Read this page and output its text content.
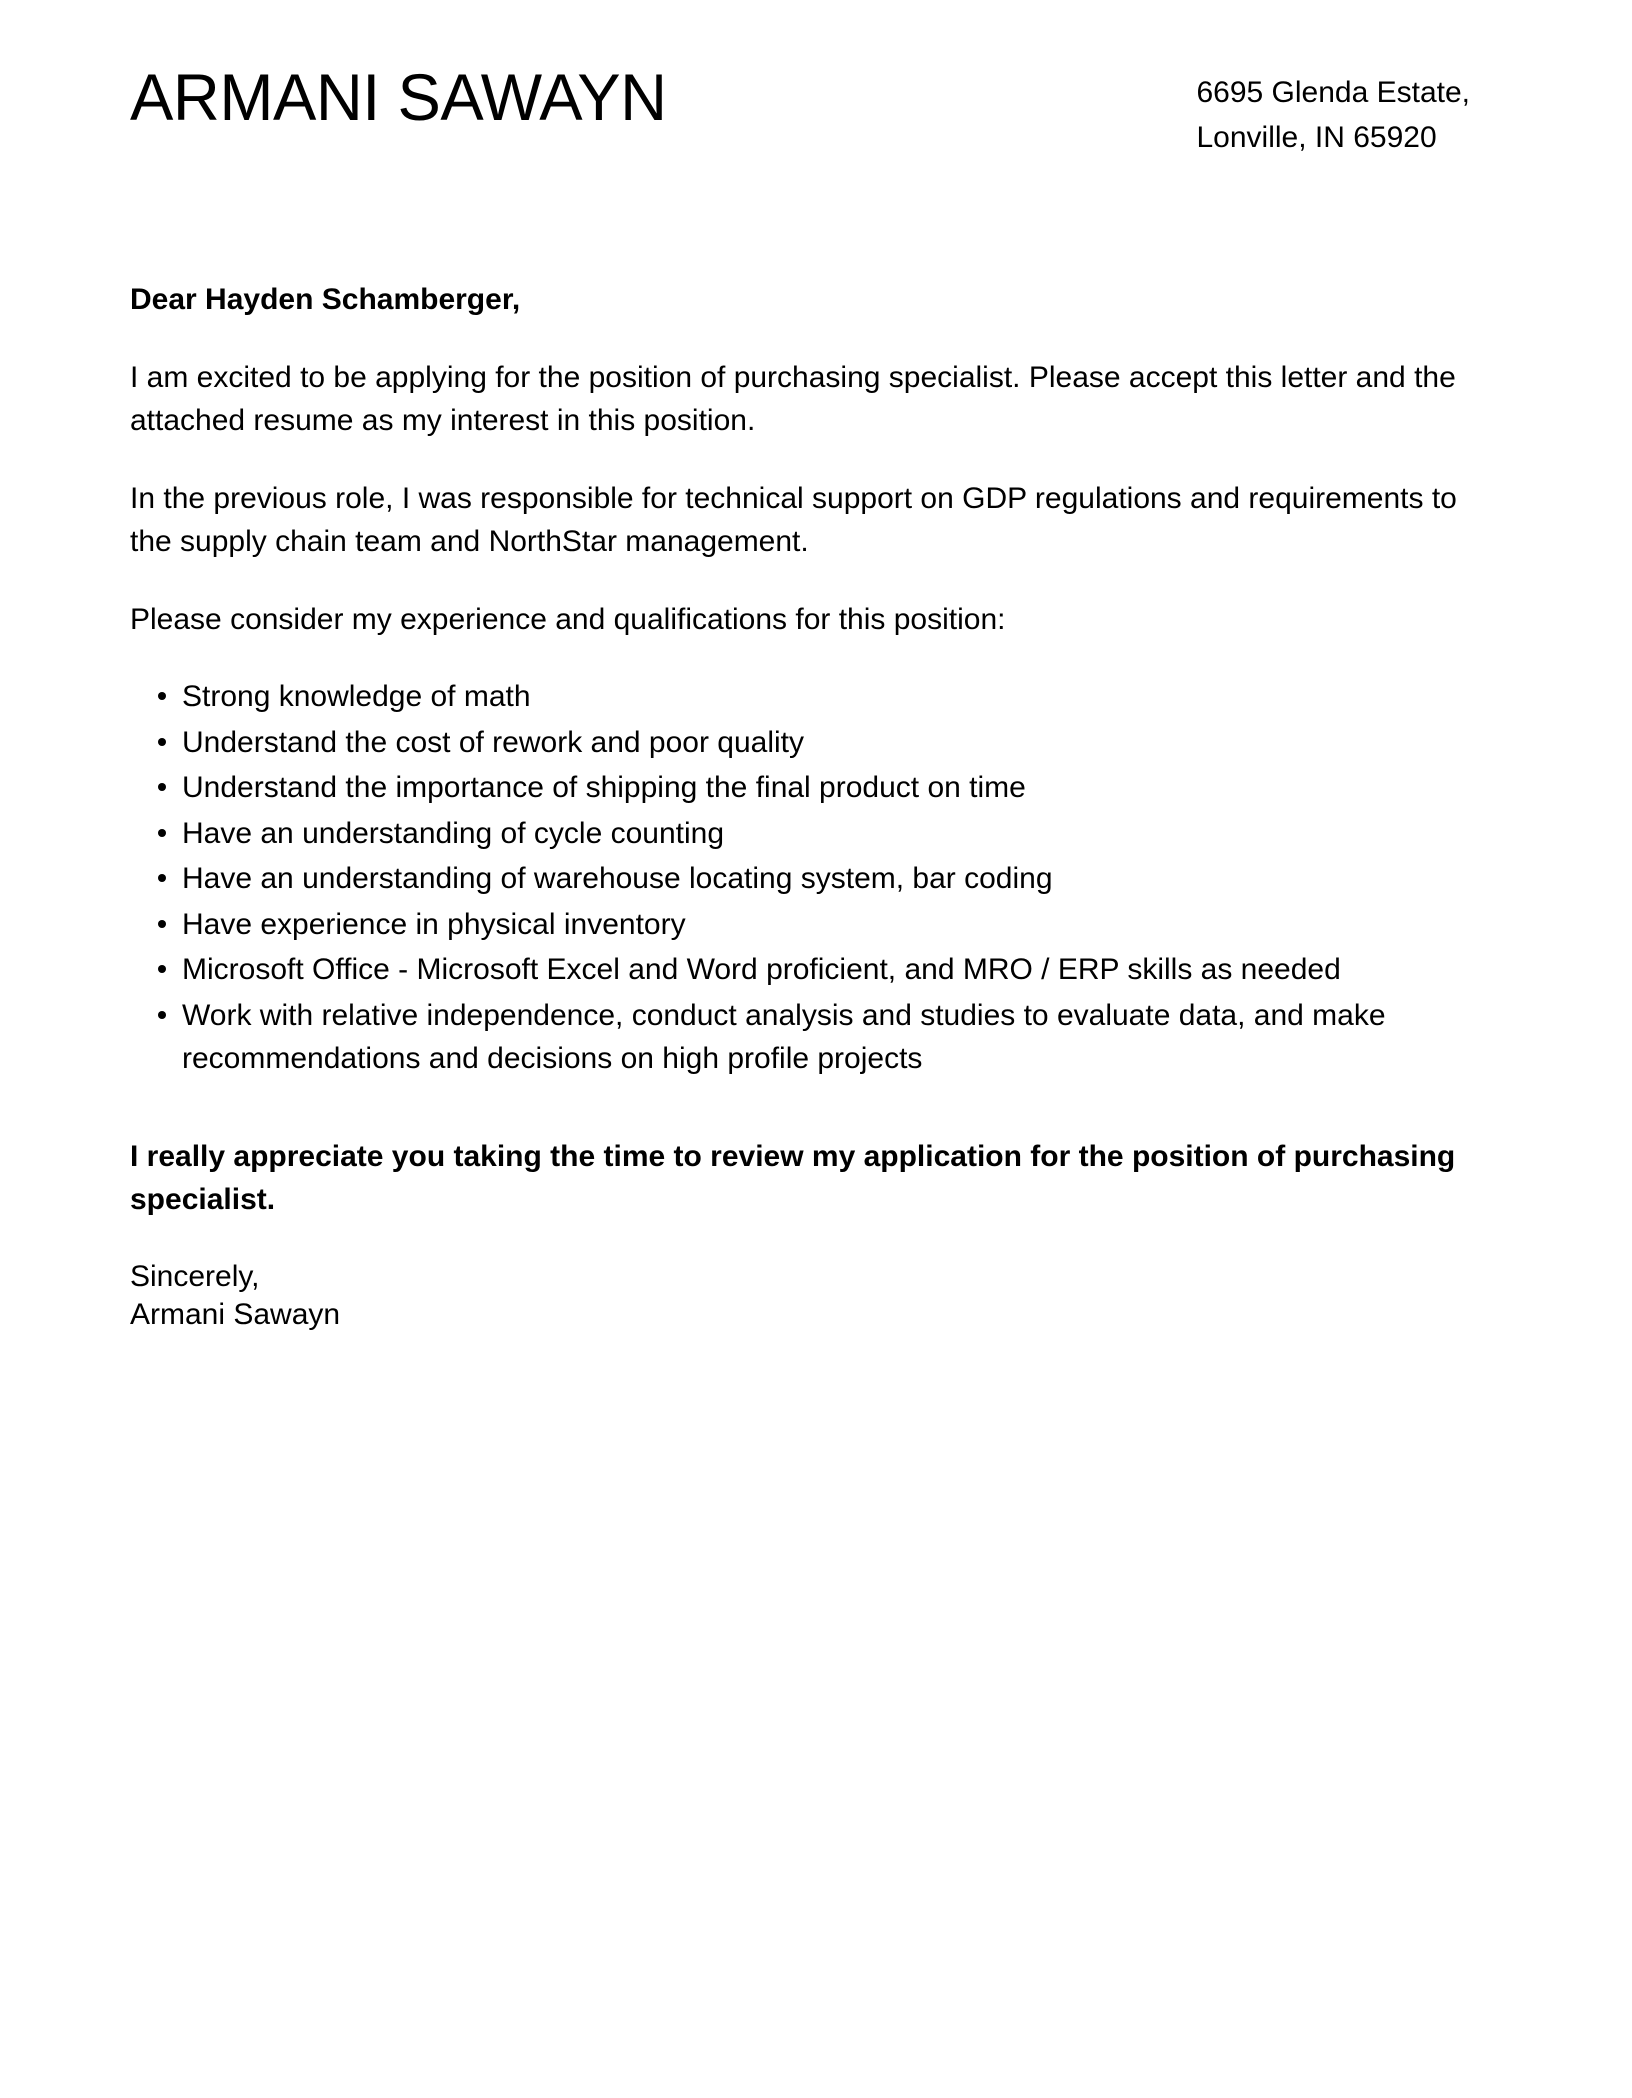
ARMANI SAWAYN	6695 Glenda Estate,
Lonville, IN 65920

Dear Hayden Schamberger,

I am excited to be applying for the position of purchasing specialist. Please accept this letter and the attached resume as my interest in this position.

In the previous role, I was responsible for technical support on GDP regulations and requirements to the supply chain team and NorthStar management.

Please consider my experience and qualifications for this position:

Strong knowledge of math
Understand the cost of rework and poor quality
Understand the importance of shipping the final product on time
Have an understanding of cycle counting
Have an understanding of warehouse locating system, bar coding
Have experience in physical inventory
Microsoft Office - Microsoft Excel and Word proficient, and MRO / ERP skills as needed
Work with relative independence, conduct analysis and studies to evaluate data, and make recommendations and decisions on high profile projects

I really appreciate you taking the time to review my application for the position of purchasing specialist.

Sincerely,
Armani Sawayn
